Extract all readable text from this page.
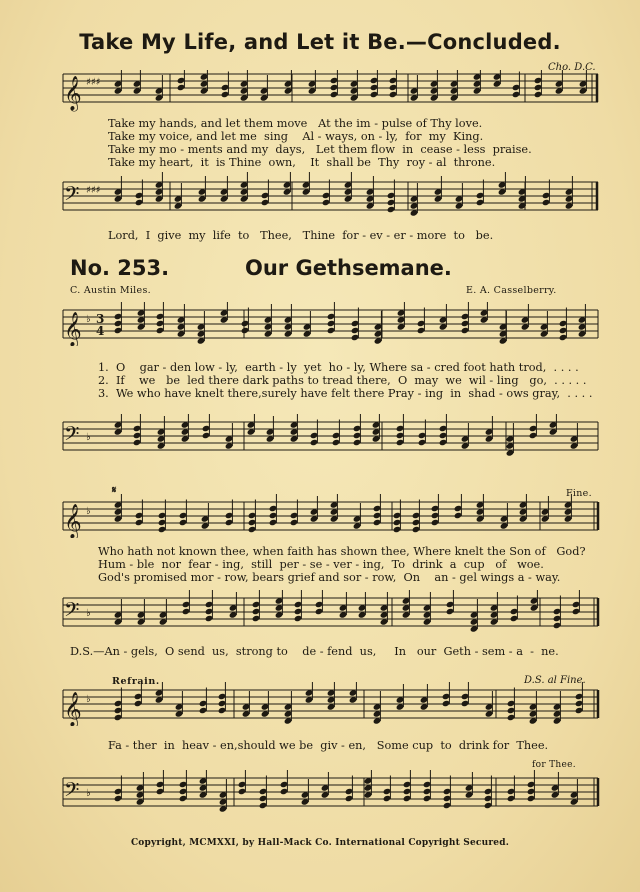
Take My Life, and Let it Be.—Concluded.
Cho. D.C.
𝄞 ♯♯♯

Take my hands, and let them move   At the im - pulse of Thy love.

Take my voice, and let me  sing    Al - ways, on - ly,  for  my  King.

Take my mo - ments and my  days,   Let them flow  in  cease - less  praise.

Take my heart,  it  is Thine  own,    It  shall be  Thy  roy - al  throne.

𝄢 ♯♯♯

Lord,  I  give  my  life  to   Thee,   Thine  for - ev - er - more  to   be.

No. 253.	Our Gethsemane.
C. Austin Miles.	E. A. Casselberry.
𝄞 ♭ 3
4

1.  O    gar - den low - ly,  earth - ly  yet  ho - ly, Where sa - cred foot hath trod,  . . . .

2.  If    we   be  led there dark paths to tread there,  O  may  we  wil - ling   go,  . . . . .

3.  We who have knelt there,surely have felt there Pray - ing  in  shad - ows gray,  . . . .

𝄢 ♭
𝄋	Fine.
𝄞 ♭

Who hath not known thee, when faith has shown thee, Where knelt the Son of   God?

Hum - ble  nor  fear - ing,  still  per - se - ver - ing,  To  drink  a  cup   of   woe.

God's promised mor - row, bears grief and sor - row,  On    an - gel wings a - way.

𝄢 ♭

D.S.—An - gels,  O send  us,  strong to    de - fend  us,     In   our  Geth - sem - a  -  ne.

Refrain.	D.S. al Fine.
𝄞 ♭

Fa - ther  in  heav - en,should we be  giv - en,   Some cup  to  drink for  Thee.

for Thee.
𝄢 ♭
Copyright, MCMXXI, by Hall-Mack Co. International Copyright Secured.
